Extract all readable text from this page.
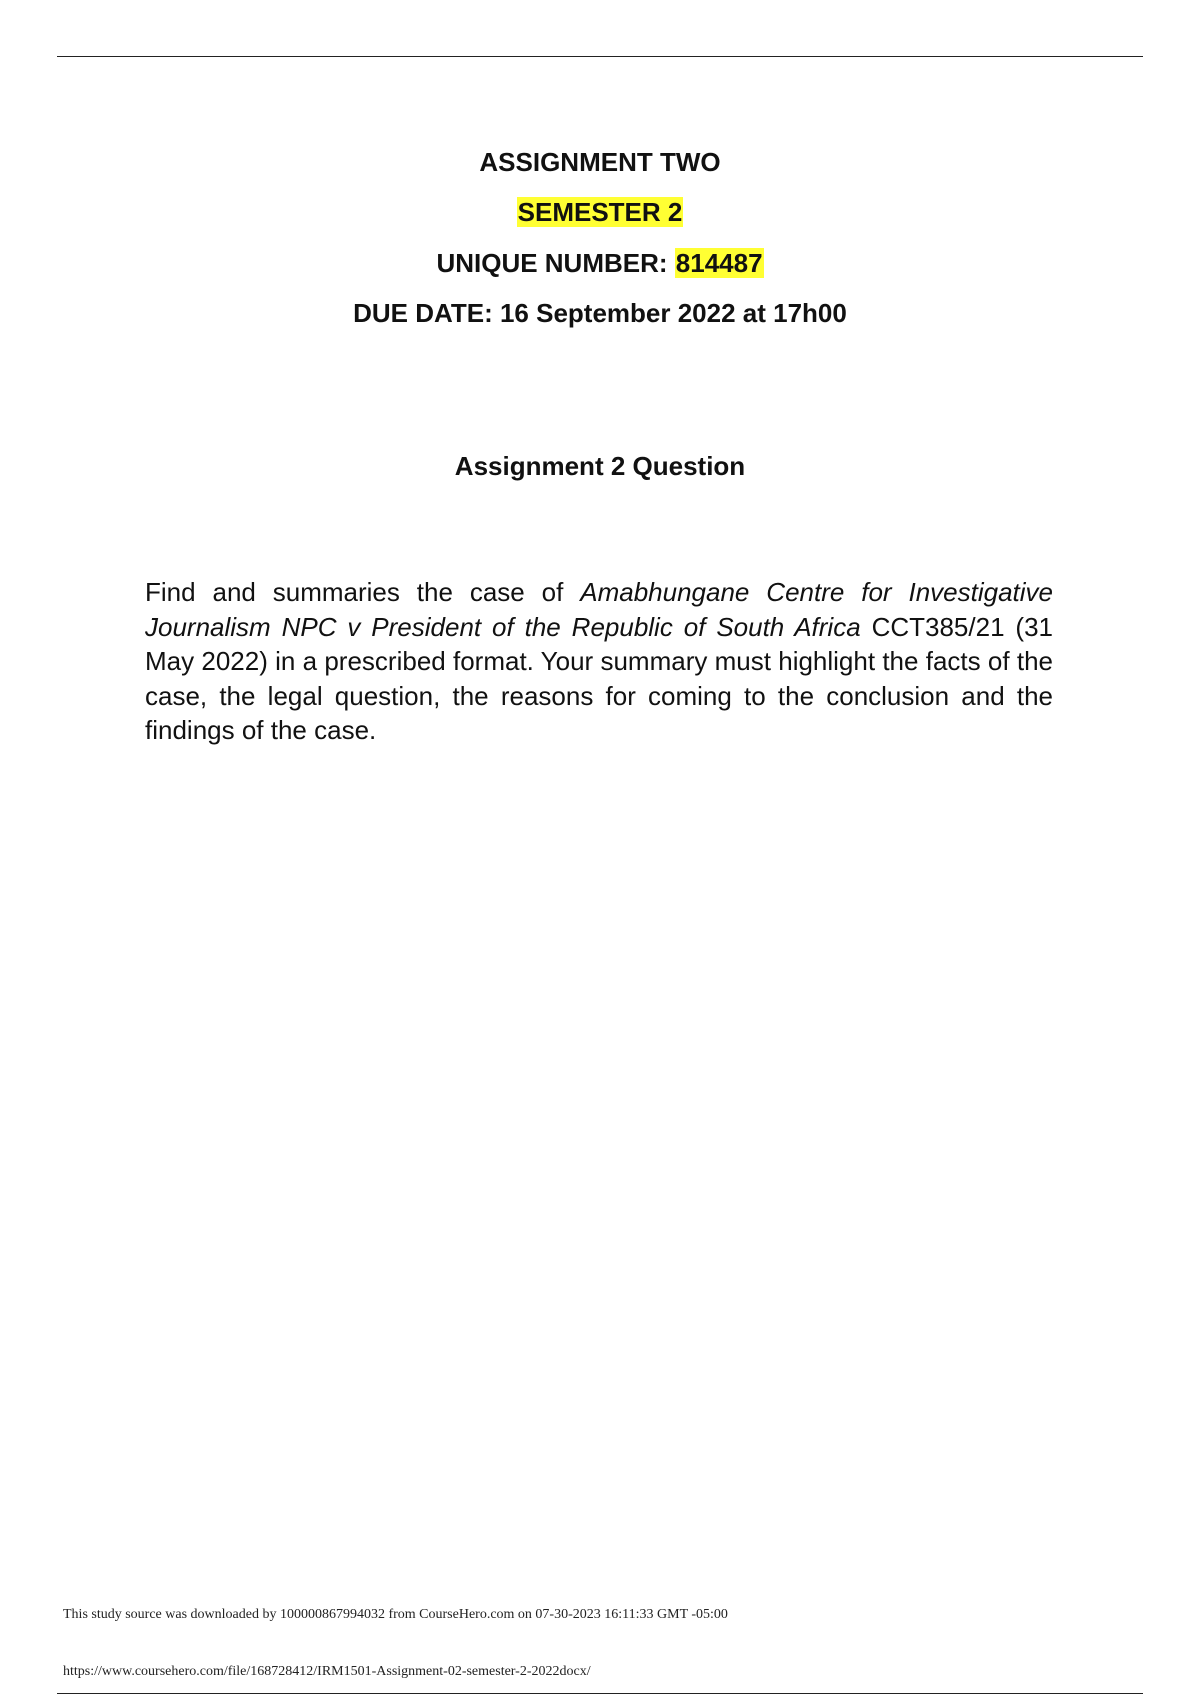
ASSIGNMENT TWO
SEMESTER 2
UNIQUE NUMBER: 814487
DUE DATE: 16 September 2022 at 17h00
Assignment 2 Question

Find and summaries the case of Amabhungane Centre for Investigative Journalism NPC v President of the Republic of South Africa CCT385/21 (31 May 2022) in a prescribed format. Your summary must highlight the facts of the case, the legal question, the reasons for coming to the conclusion and the findings of the case.

This study source was downloaded by 100000867994032 from CourseHero.com on 07-30-2023 16:11:33 GMT -05:00
https://www.coursehero.com/file/168728412/IRM1501-Assignment-02-semester-2-2022docx/
